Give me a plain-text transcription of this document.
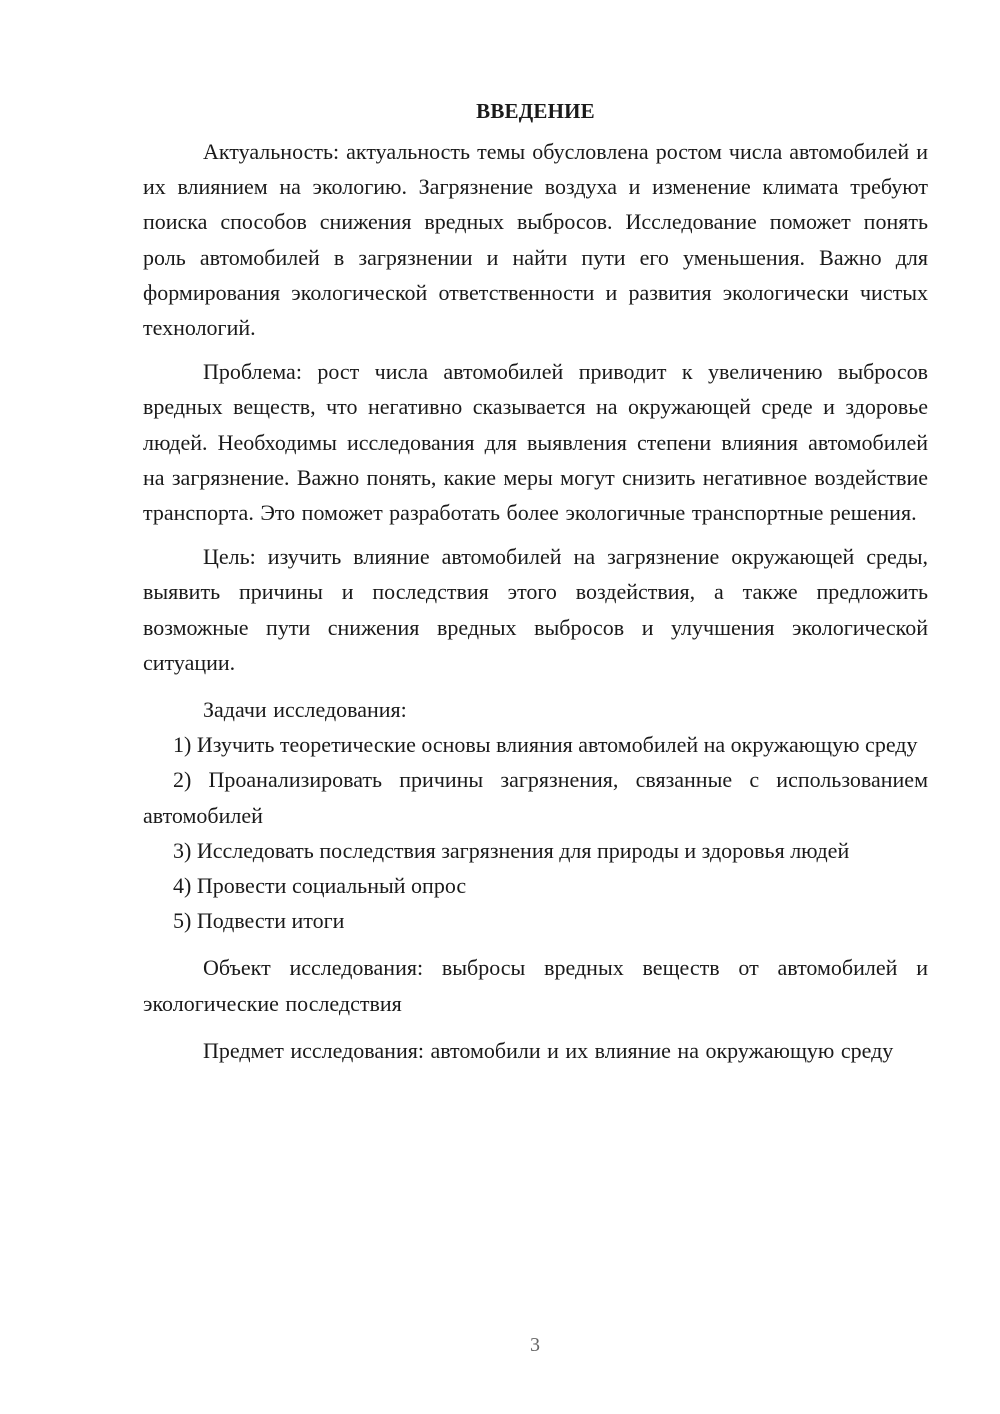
ВВЕДЕНИЕ

Актуальность: актуальность темы обусловлена ростом числа автомобилей и их влиянием на экологию. Загрязнение воздуха и изменение климата требуют поиска способов снижения вредных выбросов. Исследование поможет понять роль автомобилей в загрязнении и найти пути его уменьшения. Важно для формирования экологической ответственности и развития экологически чистых технологий.

Проблема: рост числа автомобилей приводит к увеличению выбросов вредных веществ, что негативно сказывается на окружающей среде и здоровье людей. Необходимы исследования для выявления степени влияния автомобилей на загрязнение. Важно понять, какие меры могут снизить негативное воздействие транспорта. Это поможет разработать более экологичные транспортные решения.

Цель: изучить влияние автомобилей на загрязнение окружающей среды, выявить причины и последствия этого воздействия, а также предложить возможные пути снижения вредных выбросов и улучшения экологической ситуации.

Задачи исследования:

1) Изучить теоретические основы влияния автомобилей на окружающую среду

2) Проанализировать причины загрязнения, связанные с использованием автомобилей

3) Исследовать последствия загрязнения для природы и здоровья людей

4) Провести социальный опрос

5) Подвести итоги

Объект исследования: выбросы вредных веществ от автомобилей и экологические последствия

Предмет исследования: автомобили и их влияние на окружающую среду

3
